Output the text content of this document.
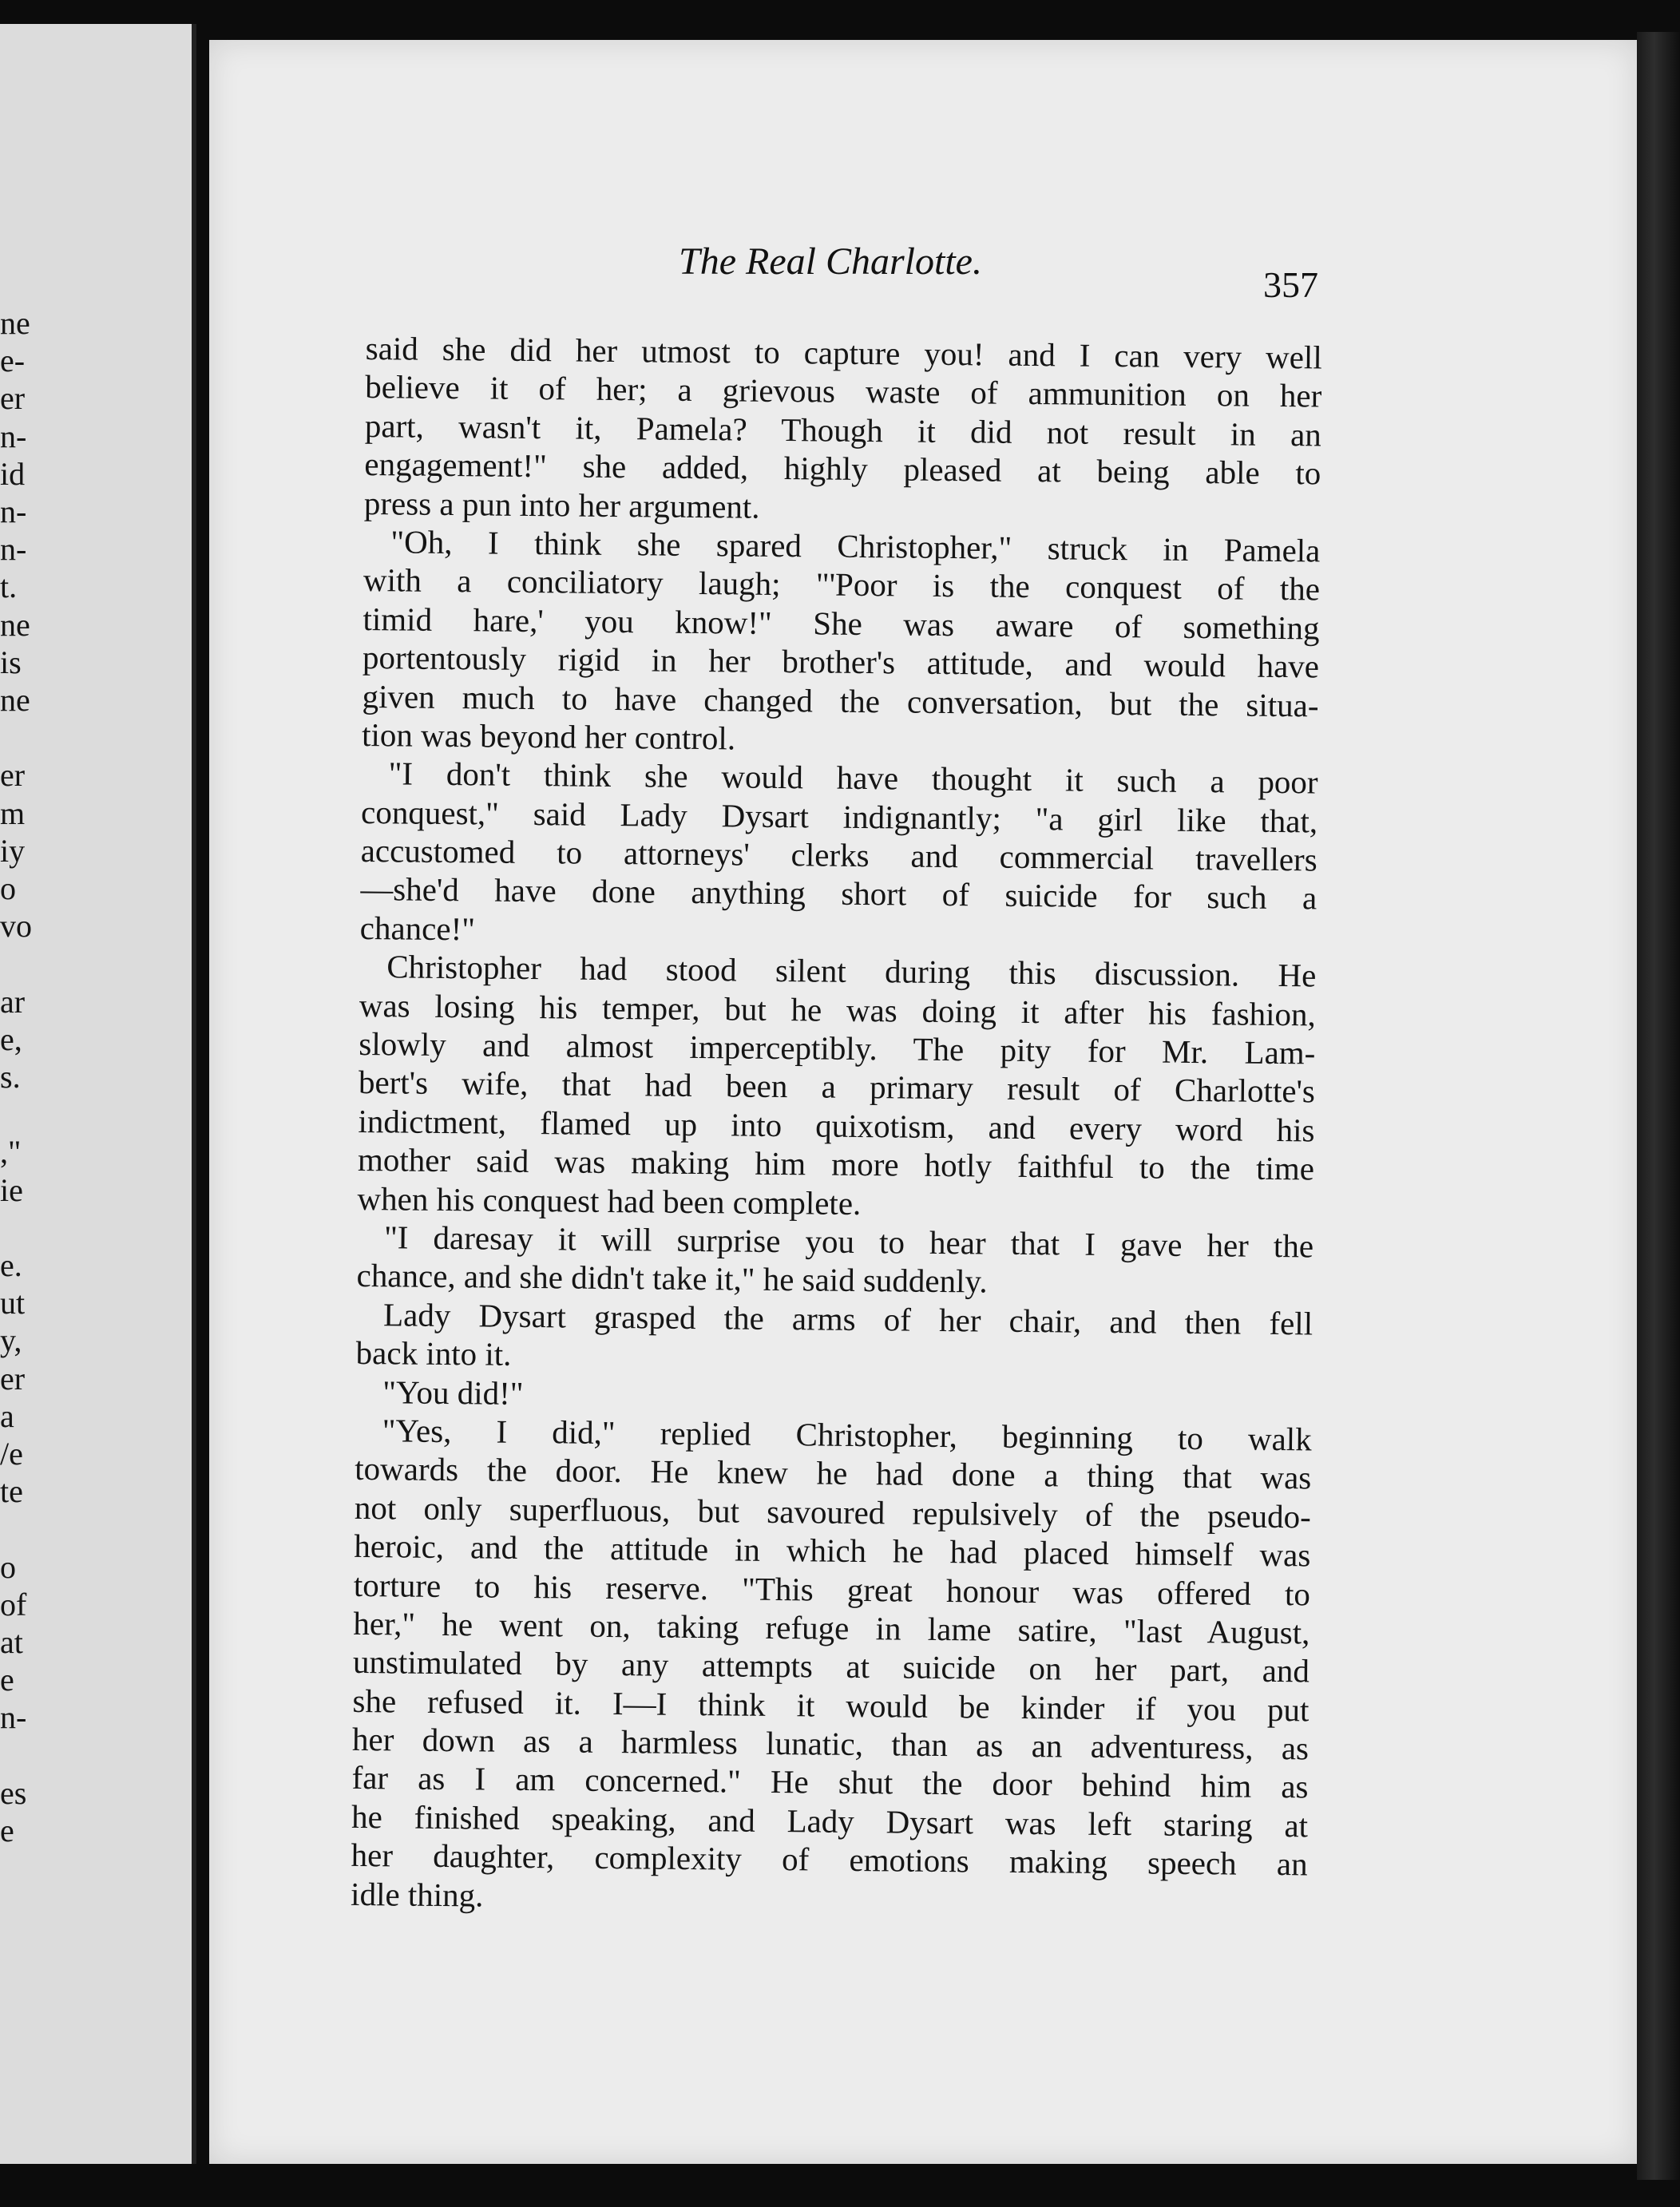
ne
e-
er
n-
id
n-
n-
t.
ne
is
ne
er
m
iy
o
vo
ar
e,
s.
,"
ie
e.
ut
y,
er
a
/e
te
o
of
at
e
n-
es
e
The Real Charlotte.
357
said she did her utmost to capture you! and I can very well
believe it of her; a grievous waste of ammunition on her
part, wasn't it, Pamela? Though it did not result in an
engagement!" she added, highly pleased at being able to
press a pun into her argument.
"Oh, I think she spared Christopher," struck in Pamela
with a conciliatory laugh; "'Poor is the conquest of the
timid hare,' you know!" She was aware of something
portentously rigid in her brother's attitude, and would have
given much to have changed the conversation, but the situa-
tion was beyond her control.
"I don't think she would have thought it such a poor
conquest," said Lady Dysart indignantly; "a girl like that,
accustomed to attorneys' clerks and commercial travellers
—she'd have done anything short of suicide for such a
chance!"
Christopher had stood silent during this discussion. He
was losing his temper, but he was doing it after his fashion,
slowly and almost imperceptibly. The pity for Mr. Lam-
bert's wife, that had been a primary result of Charlotte's
indictment, flamed up into quixotism, and every word his
mother said was making him more hotly faithful to the time
when his conquest had been complete.
"I daresay it will surprise you to hear that I gave her the
chance, and she didn't take it," he said suddenly.
Lady Dysart grasped the arms of her chair, and then fell
back into it.
"You did!"
"Yes, I did," replied Christopher, beginning to walk
towards the door. He knew he had done a thing that was
not only superfluous, but savoured repulsively of the pseudo-
heroic, and the attitude in which he had placed himself was
torture to his reserve. "This great honour was offered to
her," he went on, taking refuge in lame satire, "last August,
unstimulated by any attempts at suicide on her part, and
she refused it. I—I think it would be kinder if you put
her down as a harmless lunatic, than as an adventuress, as
far as I am concerned." He shut the door behind him as
he finished speaking, and Lady Dysart was left staring at
her daughter, complexity of emotions making speech an
idle thing.
